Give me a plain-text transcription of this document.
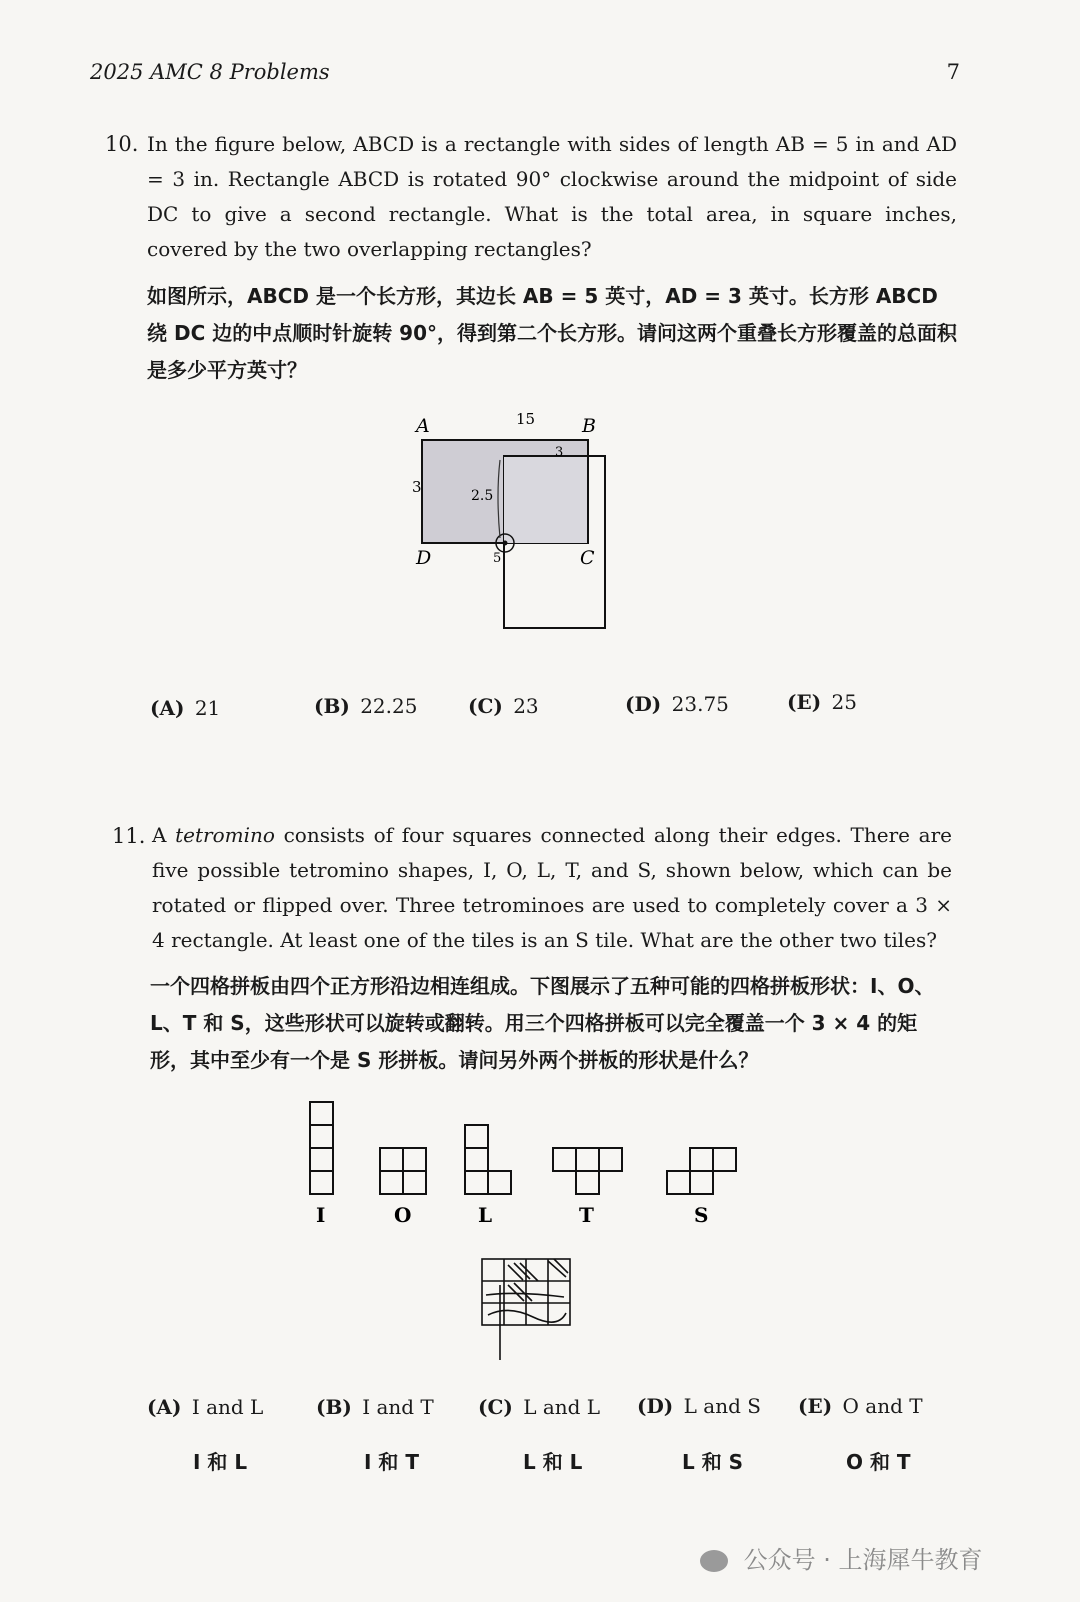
2025 AMC 8 Problems	7
10. In the figure below, ABCD is a rectangle with sides of length AB = 5 in and AD = 3 in. Rectangle ABCD is rotated 90° clockwise around the midpoint of side DC to give a second rectangle. What is the total area, in square inches, covered by the two overlapping rectangles?
如图所示，ABCD 是一个长方形，其边长 AB = 5 英寸，AD = 3 英寸。长方形 ABCD 绕 DC 边的中点顺时针旋转 90°，得到第二个长方形。请问这两个重叠长方形覆盖的总面积是多少平方英寸？
A	B
C
D
15
3	2.5
3
5
(A) 21	(B) 22.25	(C) 23	(D) 23.75	(E) 25
11. A tetromino consists of four squares connected along their edges. There are five possible tetromino shapes, I, O, L, T, and S, shown below, which can be rotated or flipped over. Three tetrominoes are used to completely cover a 3 × 4 rectangle. At least one of the tiles is an S tile. What are the other two tiles?
一个四格拼板由四个正方形沿边相连组成。下图展示了五种可能的四格拼板形状：I、O、L、T 和 S，这些形状可以旋转或翻转。用三个四格拼板可以完全覆盖一个 3 × 4 的矩形，其中至少有一个是 S 形拼板。请问另外两个拼板的形状是什么？
I	O	L	T	S
(A) I and L	(B) I and T (C) L and L (D) L and S (E) O and T
I 和 L	I 和 T	L 和 L	L 和 S	O 和 T
公众号 · 上海犀牛教育
